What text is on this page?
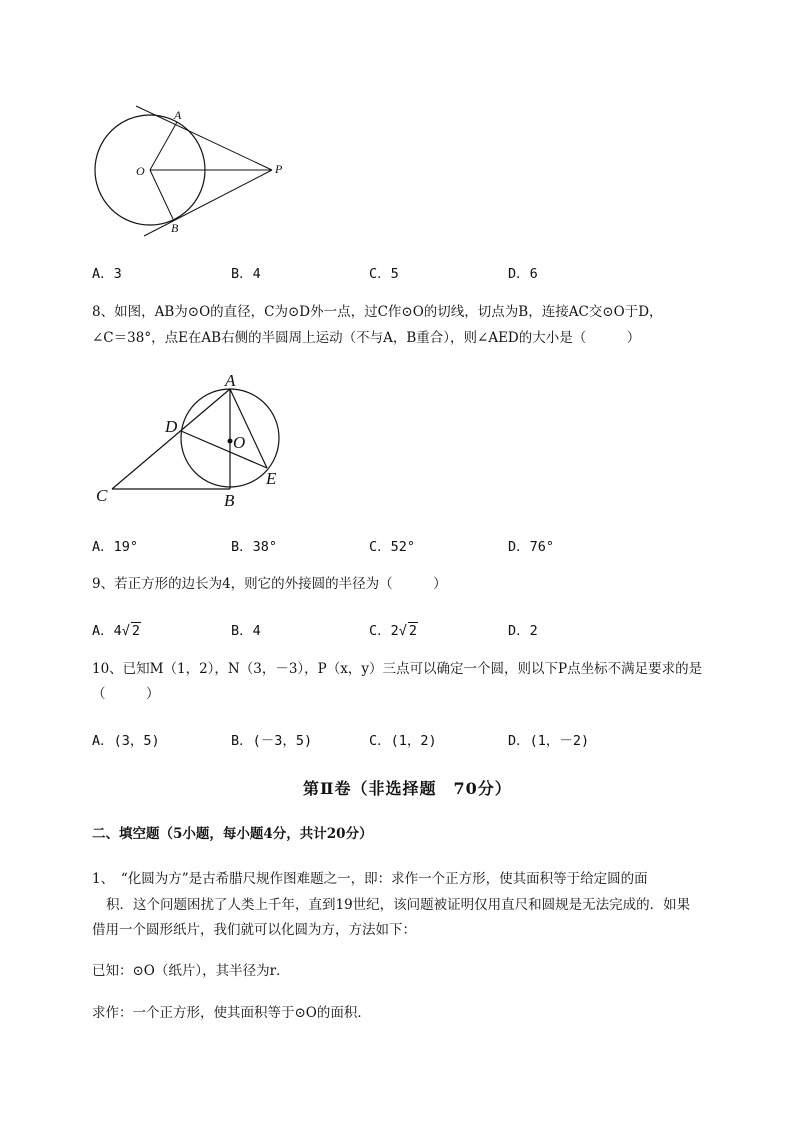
A
O	P
B
A．3	B．4	C．5	D．6
8、如图，AB为⊙O的直径，C为⊙D外一点，过C作⊙O的切线，切点为B，连接AC交⊙O于D，
∠C＝38°，点E在AB右侧的半圆周上运动（不与A，B重合），则∠AED的大小是（　　　）
A
D
O
E
C	B
A．19°	B．38°	C．52°	D．76°
9、若正方形的边长为4，则它的外接圆的半径为（　　　）
A．4√ 2	B．4	C．2√ 2	D．2
10、已知M（1，2），N（3，－3），P（x，y）三点可以确定一个圆，则以下P点坐标不满足要求的是
（　　　）
A．(3，5)	B．(－3，5)	C．(1，2)	D．(1，－2)
第Ⅱ卷（非选择题　70分）
二、填空题（5小题，每小题4分，共计20分）
1、　“化圆为方”是古希腊尺规作图难题之一，即：求作一个正方形，使其面积等于给定圆的面
积．这个问题困扰了人类上千年，直到19世纪，该问题被证明仅用直尺和圆规是无法完成的．如果
借用一个圆形纸片，我们就可以化圆为方，方法如下：
已知：⊙O（纸片），其半径为r．
求作：一个正方形，使其面积等于⊙O的面积．
